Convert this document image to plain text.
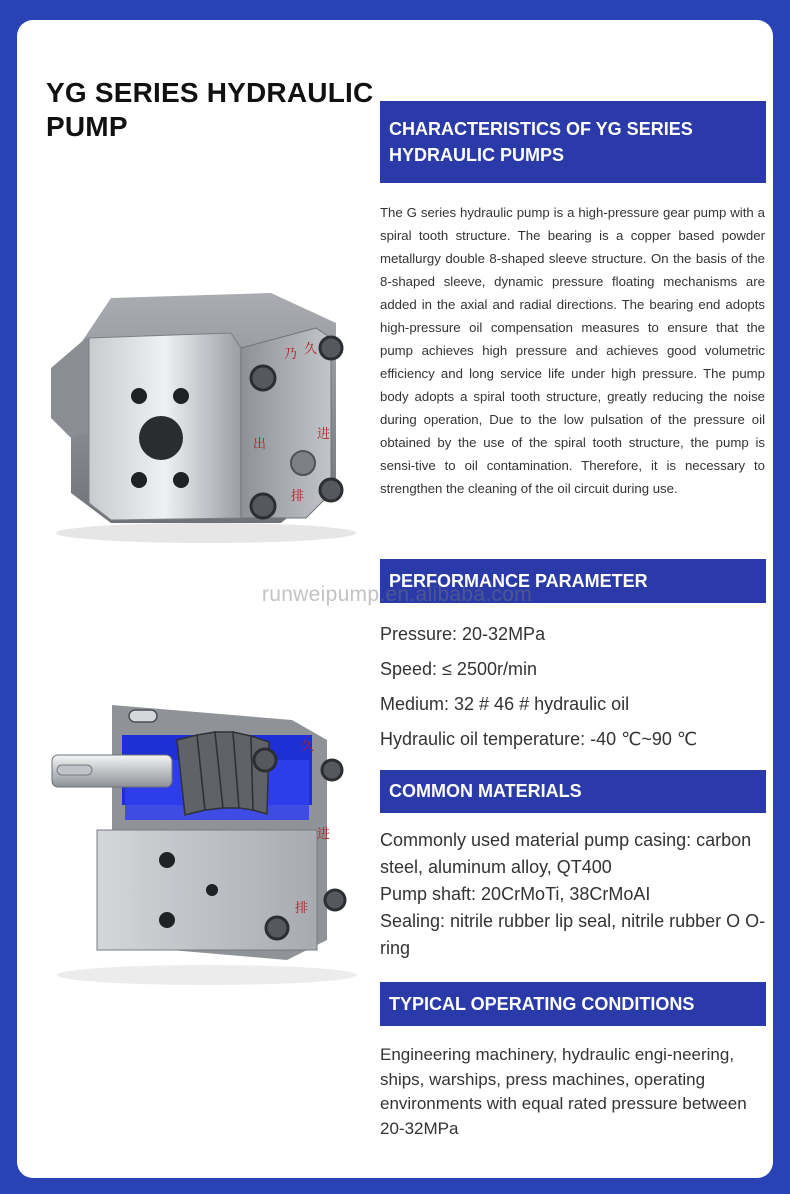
YG SERIES HYDRAULIC PUMP
乃 久
出
进
排
久
进
排
CHARACTERISTICS OF YG SERIES HYDRAULIC PUMPS

The G series hydraulic pump is a high-pressure gear pump with a spiral tooth structure. The bearing is a copper based powder metallurgy double 8-shaped sleeve structure. On the basis of the 8-shaped sleeve, dynamic pressure floating mechanisms are added in the axial and radial directions. The bearing end adopts high-pressure oil compensation measures to ensure that the pump achieves high pressure and achieves good volumetric efficiency and long service life under high pressure. The pump body adopts a spiral tooth structure, greatly reducing the noise during operation, Due to the low pulsation of the pressure oil obtained by the use of the spiral tooth structure, the pump is sensi-tive to oil contamination. Therefore, it is necessary to strengthen the cleaning of the oil circuit during use.

PERFORMANCE PARAMETER
Pressure: 20-32MPa
Speed: ≤ 2500r/min
Medium: 32 # 46 # hydraulic oil
Hydraulic oil temperature: -40 ℃~90 ℃
COMMON MATERIALS

Commonly used material pump casing: carbon steel, aluminum alloy, QT400
Pump shaft: 20CrMoTi, 38CrMoAI
Sealing: nitrile rubber lip seal, nitrile rubber O O-ring

TYPICAL OPERATING CONDITIONS

Engineering machinery, hydraulic engi-neering, ships, warships, press machines, operating environments with equal rated pressure between 20-32MPa

runweipump.en.alibaba.com
